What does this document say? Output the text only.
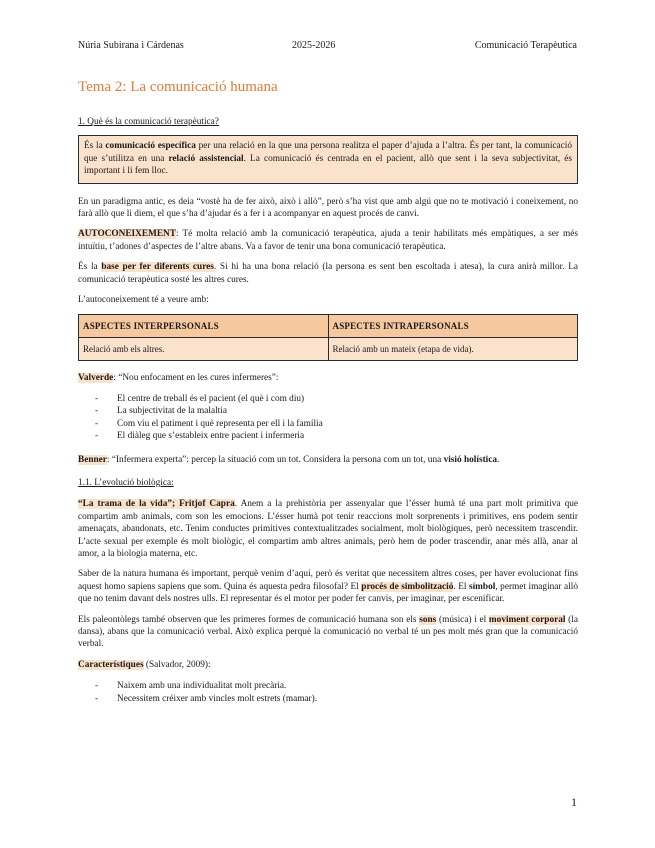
Núria Subirana i Cárdenas	2025-2026	Comunicació Terapèutica
Tema 2: La comunicació humana

1. Què és la comunicació terapèutica?

És la comunicació específica per una relació en la que una persona realitza el paper d’ajuda a l’altra. És per tant, la comunicació que s’utilitza en una relació assistencial. La comunicació és centrada en el pacient, allò que sent i la seva subjectivitat, és important i li fem lloc.

En un paradigma antic, es deia “vostè ha de fer això, això i allò”, però s’ha vist que amb algú que no te motivació i coneixement, no farà allò que li diem, el que s’ha d’ajudar és a fer i a acompanyar en aquest procés de canvi.

AUTOCONEIXEMENT: Té molta relació amb la comunicació terapèutica, ajuda a tenir habilitats més empàtiques, a ser més intuïtiu, t’adones d’aspectes de l’altre abans. Va a favor de tenir una bona comunicació terapèutica.

És la base per fer diferents cures. Si hi ha una bona relació (la persona es sent ben escoltada i atesa), la cura anirà millor. La comunicació terapèutica sosté les altres cures.

L’autoconeixement té a veure amb:

ASPECTES INTERPERSONALS	ASPECTES INTRAPERSONALS
Relació amb els altres.	Relació amb un mateix (etapa de vida).

Valverde: “Nou enfocament en les cures infermeres”:

- El centre de treball és el pacient (el què i com diu)
- La subjectivitat de la malaltia
- Com viu el patiment i què representa per ell i la família
- El diàleg que s’estableix entre pacient i infermeria

Benner: “Infermera experta”: percep la situació com un tot. Considera la persona com un tot, una visió holística.

1.1. L’evolució biològica:

“La trama de la vida”; Fritjof Capra. Anem a la prehistòria per assenyalar que l’ésser humà té una part molt primitiva que compartim amb animals, com son les emocions. L’ésser humà pot tenir reaccions molt sorprenents i primitives, ens podem sentir amenaçats, abandonats, etc. Tenim conductes primitives contextualitzades socialment, molt biològiques, però necessitem trascendir. L’acte sexual per exemple és molt biològic, el compartim amb altres animals, però hem de poder trascendir, anar més allà, anar al amor, a la biologia materna, etc.

Saber de la natura humana és important, perquè venim d’aquí, però és veritat que necessitem altres coses, per haver evolucionat fins aquest homo sapiens sapiens que som. Quina és aquesta pedra filosofal? El procés de simbolització. El símbol, permet imaginar allò que no tenim davant dels nostres ulls. El representar és el motor per poder fer canvis, per imaginar, per escenificar.

Els paleontòlegs també observen que les primeres formes de comunicació humana son els sons (música) i el moviment corporal (la dansa), abans que la comunicació verbal. Això explica perquè la comunicació no verbal té un pes molt més gran que la comunicació verbal.

Característiques (Salvador, 2009):

- Naixem amb una individualitat molt precària.
- Necessitem créixer amb vincles molt estrets (mamar).
1
